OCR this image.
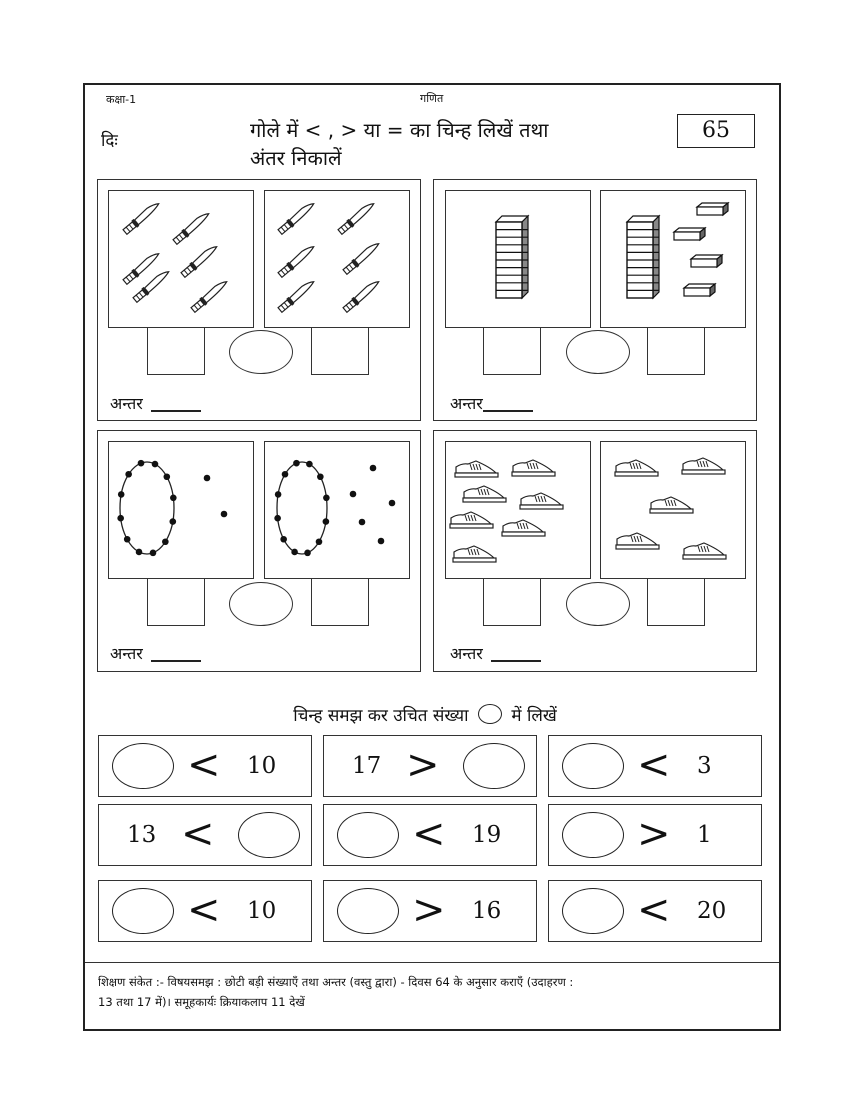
कक्षा-1	गणित
दिः	गोले में < , > या = का चिन्ह लिखें तथा
अंतर निकालें
65
अन्तर	अन्तर
अन्तर	अन्तर
चिन्ह समझ कर उचित संख्या	में लिखें
< 10	17 >	< 3
13 <	< 19	> 1
< 10	> 16	< 20
शिक्षण संकेत :- विषयसमझ : छोटी बड़ी संख्याएँ तथा अन्तर (वस्तु द्वारा) - दिवस 64 के अनुसार कराएँ (उदाहरण :
13 तथा 17 में)। समूहकार्यः क्रियाकलाप 11 देखें
